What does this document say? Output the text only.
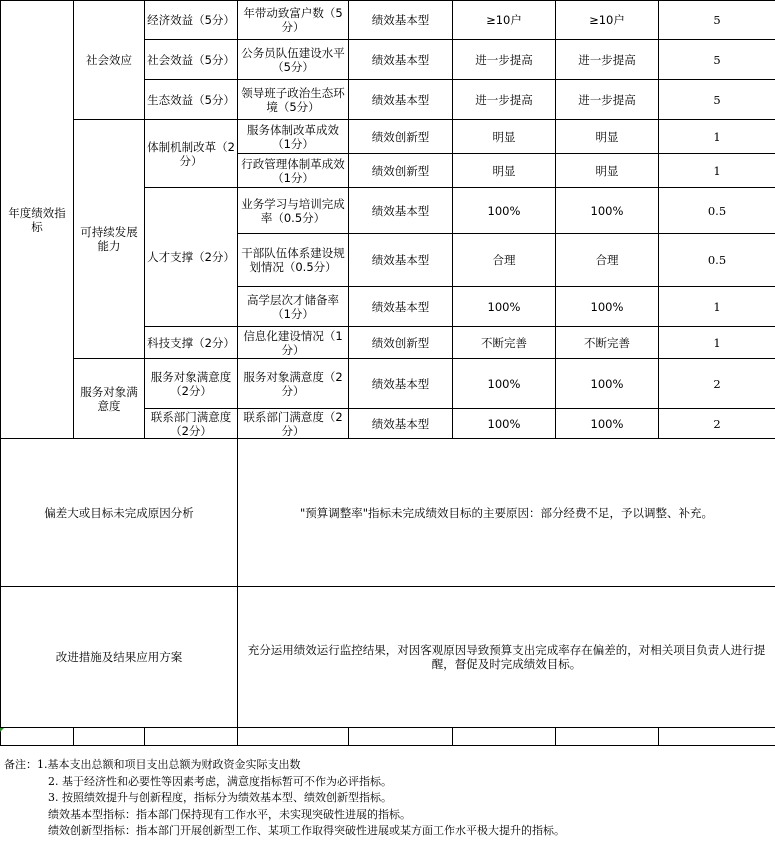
年度绩效指标	社会效应	经济效益（5分）	年带动致富户数（5分）	绩效基本型	≥10户	≥10户	5
		社会效益（5分）	公务员队伍建设水平（5分）	绩效基本型	进一步提高	进一步提高	5
		生态效益（5分）	领导班子政治生态环境（5分）	绩效基本型	进一步提高	进一步提高	5
	可持续发展能力	体制机制改革（2分）	服务体制改革成效（1分）	绩效创新型	明显	明显	1
			行政管理体制革成效（1分）	绩效创新型	明显	明显	1
		人才支撑（2分）	业务学习与培训完成率（0.5分）	绩效基本型	100%	100%	0.5
			干部队伍体系建设规划情况（0.5分）	绩效基本型	合理	合理	0.5
			高学层次才储备率（1分）	绩效基本型	100%	100%	1
		科技支撑（2分）	信息化建设情况（1分）	绩效创新型	不断完善	不断完善	1
	服务对象满意度	服务对象满意度（2分）	服务对象满意度（2分）	绩效基本型	100%	100%	2
		联系部门满意度（2分）	联系部门满意度（2分）	绩效基本型	100%	100%	2
偏差大或目标未完成原因分析			"预算调整率"指标未完成绩效目标的主要原因：部分经费不足，予以调整、补充。				
改进措施及结果应用方案			充分运用绩效运行监控结果，对因客观原因导致预算支出完成率存在偏差的，对相关项目负责人进行提醒，督促及时完成绩效目标。				

备注：1.基本支出总额和项目支出总额为财政资金实际支出数
2. 基于经济性和必要性等因素考虑，满意度指标暂可不作为必评指标。
3. 按照绩效提升与创新程度，指标分为绩效基本型、绩效创新型指标。
绩效基本型指标：指本部门保持现有工作水平，未实现突破性进展的指标。
绩效创新型指标：指本部门开展创新型工作、某项工作取得突破性进展或某方面工作水平极大提升的指标。
